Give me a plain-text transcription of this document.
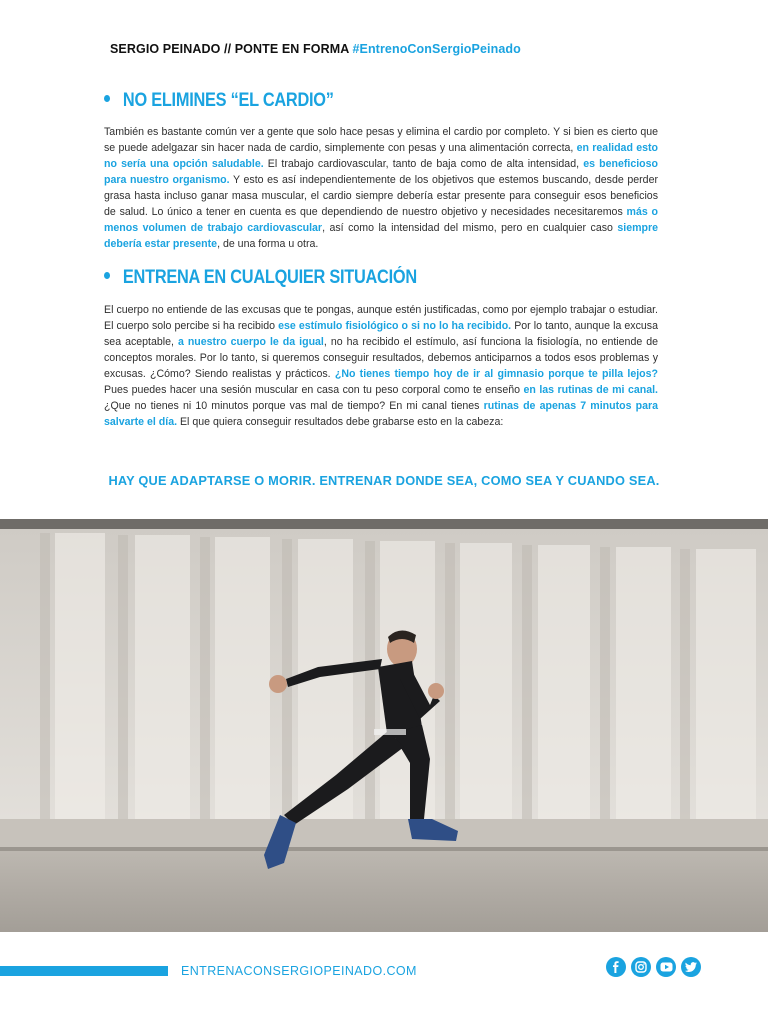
SERGIO PEINADO // PONTE EN FORMA #EntrenoConSergioPeinado
NO ELIMINES “EL CARDIO”
También es bastante común ver a gente que solo hace pesas y elimina el cardio por completo. Y si bien es cierto que se puede adelgazar sin hacer nada de cardio, simplemente con pesas y una alimentación correcta, en realidad esto no sería una opción saludable. El trabajo cardiovascular, tanto de baja como de alta intensidad, es beneficioso para nuestro organismo. Y esto es así independientemente de los objetivos que estemos buscando, desde perder grasa hasta incluso ganar masa muscular, el cardio siempre debería estar presente para conseguir esos beneficios de salud. Lo único a tener en cuenta es que dependiendo de nuestro objetivo y necesidades necesitaremos más o menos volumen de trabajo cardiovascular, así como la intensidad del mismo, pero en cualquier caso siempre debería estar presente, de una forma u otra.
ENTRENA EN CUALQUIER SITUACIÓN
El cuerpo no entiende de las excusas que te pongas, aunque estén justificadas, como por ejemplo trabajar o estudiar. El cuerpo solo percibe si ha recibido ese estímulo fisiológico o si no lo ha recibido. Por lo tanto, aunque la excusa sea aceptable, a nuestro cuerpo le da igual, no ha recibido el estímulo, así funciona la fisiología, no entiende de conceptos morales. Por lo tanto, si queremos conseguir resultados, debemos anticiparnos a todos esos problemas y excusas. ¿Cómo? Siendo realistas y prácticos. ¿No tienes tiempo hoy de ir al gimnasio porque te pilla lejos? Pues puedes hacer una sesión muscular en casa con tu peso corporal como te enseño en las rutinas de mi canal. ¿Que no tienes ni 10 minutos porque vas mal de tiempo? En mi canal tienes rutinas de apenas 7 minutos para salvarte el día. El que quiera conseguir resultados debe grabarse esto en la cabeza:
HAY QUE ADAPTARSE O MORIR. ENTRENAR DONDE SEA, COMO SEA Y CUANDO SEA.
ENTRENACONSERGIOPEINADO.COM
